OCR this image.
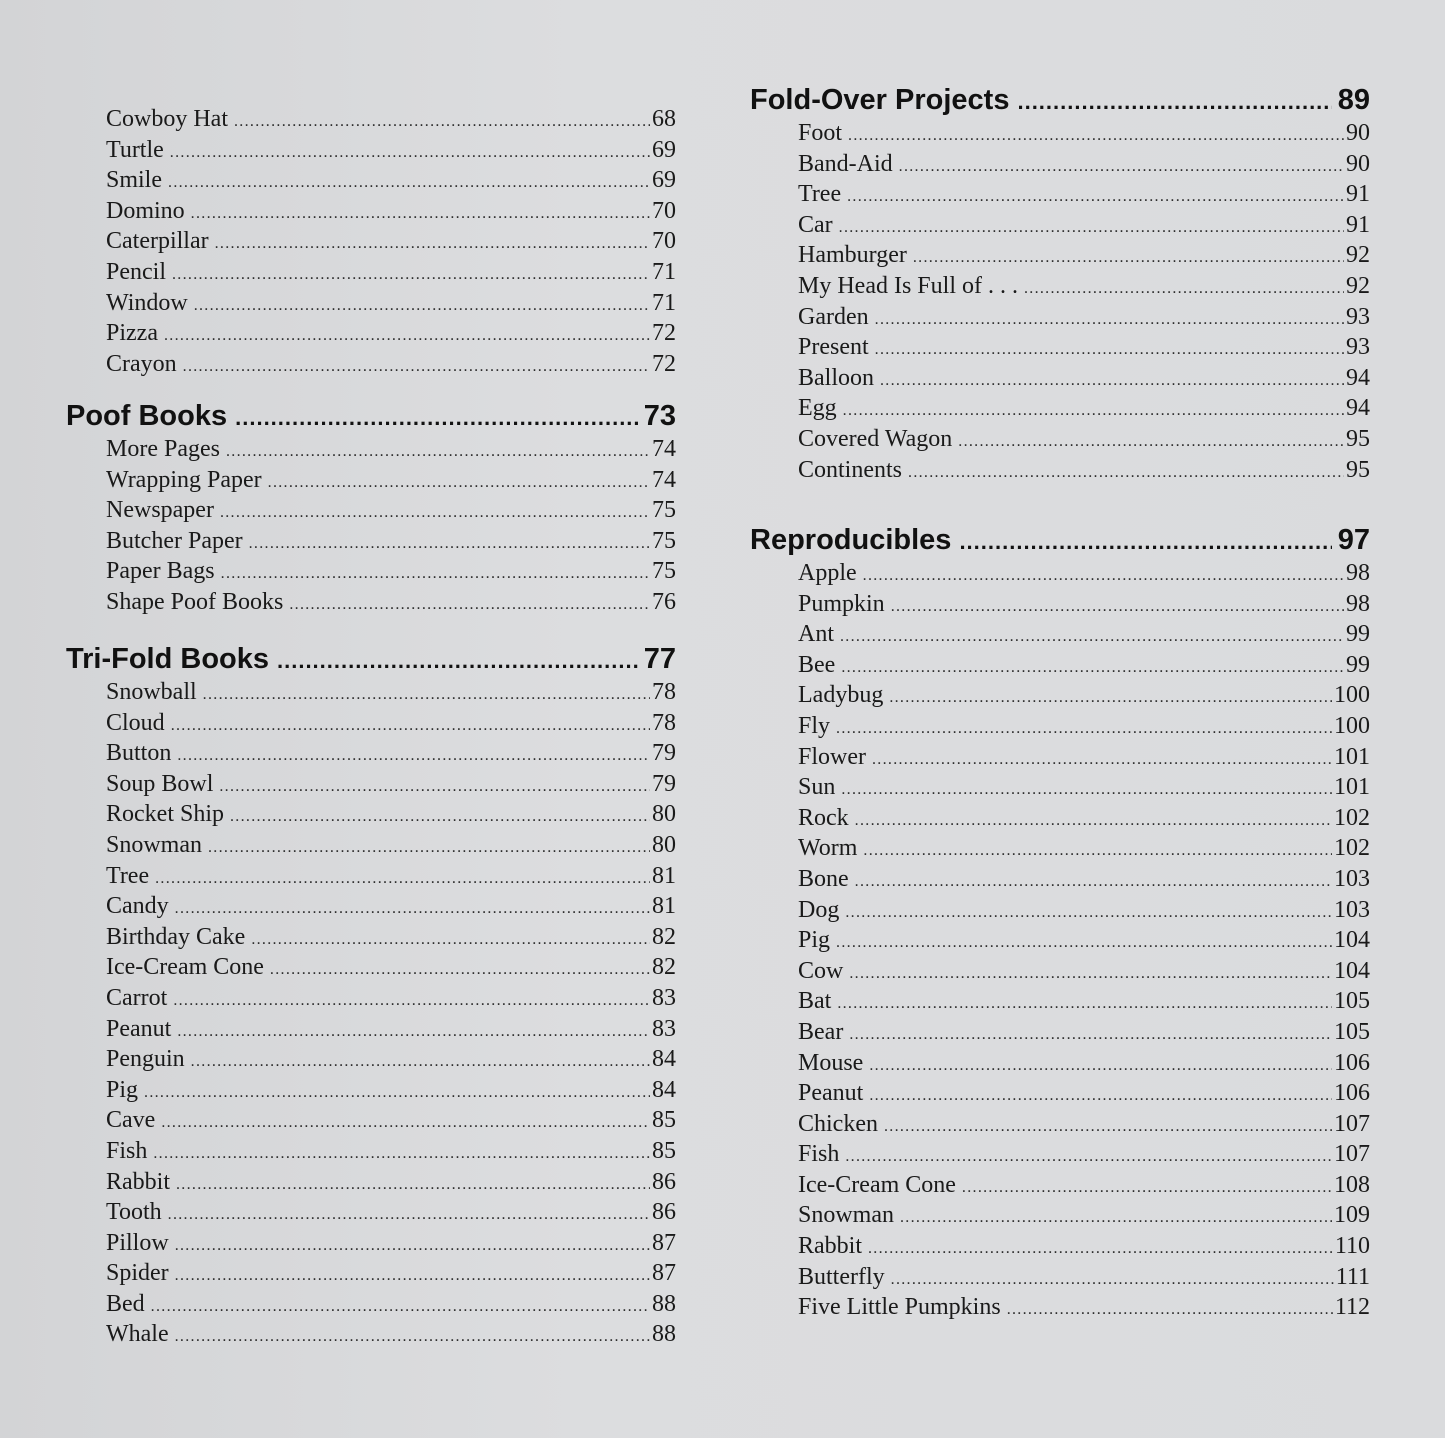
Cowboy Hat .....	68
Turtle .....	69
Smile .....	69
Domino .....	70
Caterpillar .....	70
Pencil .....	71
Window .....	71
Pizza .....	72
Crayon .....	72
Poof Books .....	73
More Pages .....	74
Wrapping Paper .....	74
Newspaper .....	75
Butcher Paper .....	75
Paper Bags .....	75
Shape Poof Books .....	76
Tri-Fold Books .....	77
Snowball .....	78
Cloud .....	78
Button .....	79
Soup Bowl .....	79
Rocket Ship .....	80
Snowman .....	80
Tree .....	81
Candy .....	81
Birthday Cake .....	82
Ice-Cream Cone .....	82
Carrot .....	83
Peanut .....	83
Penguin .....	84
Pig .....	84
Cave .....	85
Fish .....	85
Rabbit .....	86
Tooth .....	86
Pillow .....	87
Spider .....	87
Bed .....	88
Whale .....	88
Fold-Over Projects .....	89
Foot .....	90
Band-Aid .....	90
Tree .....	91
Car .....	91
Hamburger .....	92
My Head Is Full of . . . .....	92
Garden .....	93
Present .....	93
Balloon .....	94
Egg .....	94
Covered Wagon .....	95
Continents .....	95
Reproducibles .....	97
Apple .....	98
Pumpkin .....	98
Ant .....	99
Bee .....	99
Ladybug .....	100
Fly .....	100
Flower .....	101
Sun .....	101
Rock .....	102
Worm .....	102
Bone .....	103
Dog .....	103
Pig .....	104
Cow .....	104
Bat .....	105
Bear .....	105
Mouse .....	106
Peanut .....	106
Chicken .....	107
Fish .....	107
Ice-Cream Cone .....	108
Snowman .....	109
Rabbit .....	110
Butterfly .....	111
Five Little Pumpkins .....	112
